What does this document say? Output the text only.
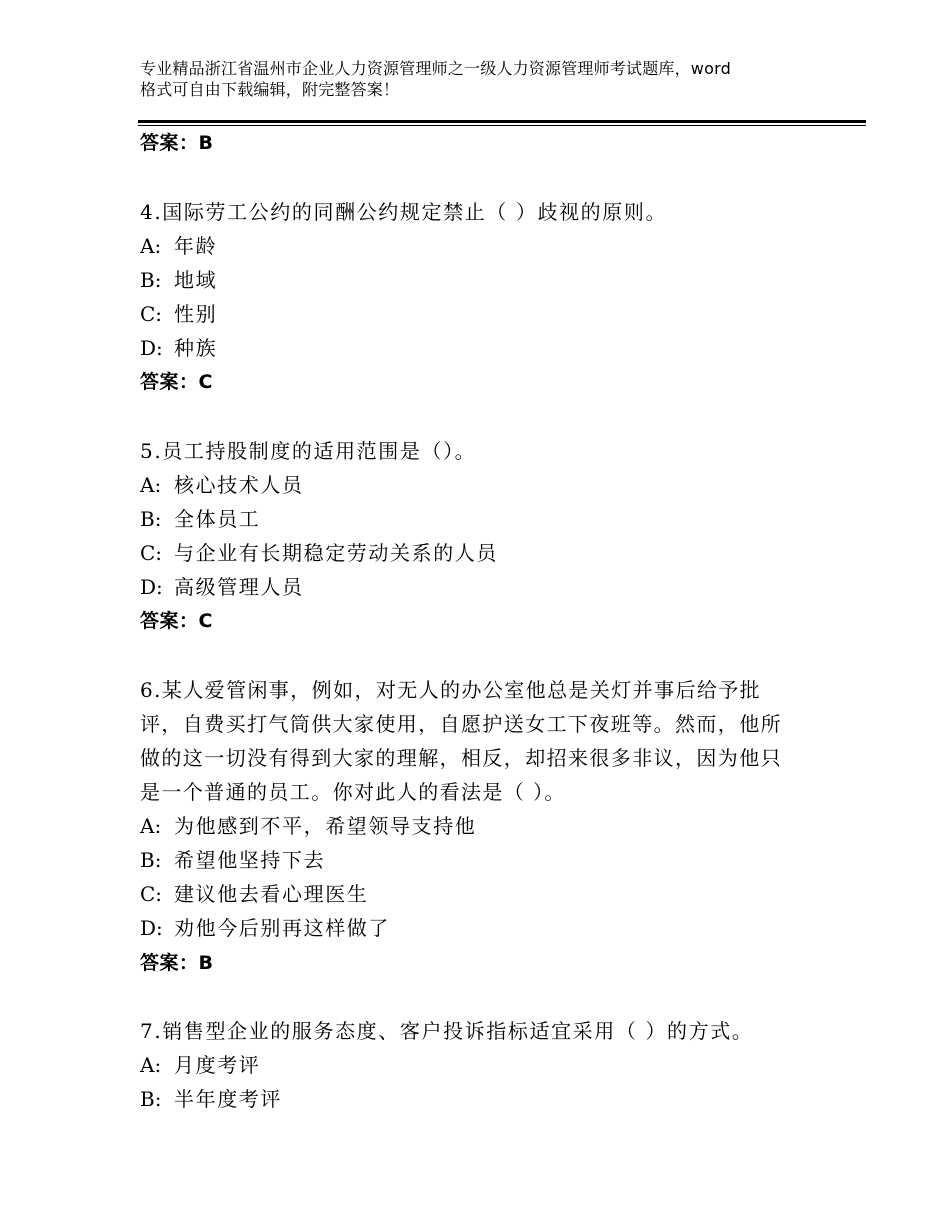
专业精品浙江省温州市企业人力资源管理师之一级人力资源管理师考试题库，word
格式可自由下载编辑，附完整答案！
答案：B
4.国际劳工公约的同酬公约规定禁止（ ）歧视的原则。
A: 年龄
B: 地域
C: 性别
D: 种族
答案：C
5.员工持股制度的适用范围是（）。
A: 核心技术人员
B: 全体员工
C: 与企业有长期稳定劳动关系的人员
D: 高级管理人员
答案：C
6.某人爱管闲事，例如，对无人的办公室他总是关灯并事后给予批
评，自费买打气筒供大家使用，自愿护送女工下夜班等。然而，他所
做的这一切没有得到大家的理解，相反，却招来很多非议，因为他只
是一个普通的员工。你对此人的看法是（ ）。
A: 为他感到不平，希望领导支持他
B: 希望他坚持下去
C: 建议他去看心理医生
D: 劝他今后别再这样做了
答案：B
7.销售型企业的服务态度、客户投诉指标适宜采用（ ）的方式。
A: 月度考评
B: 半年度考评
